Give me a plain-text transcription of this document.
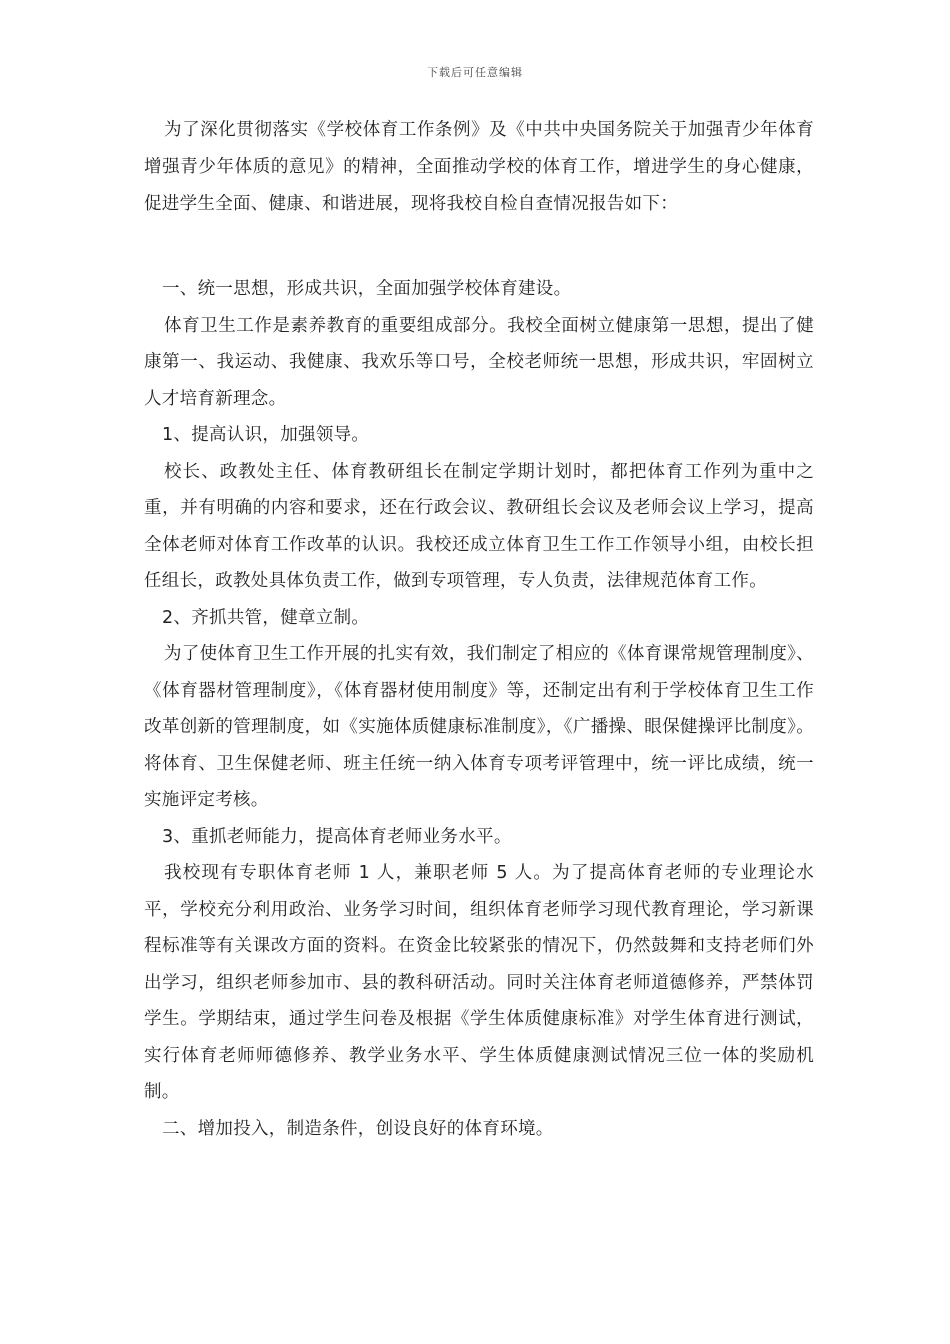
下载后可任意编辑

为了深化贯彻落实《学校体育工作条例》及《中共中央国务院关于加强青少年体育增强青少年体质的意见》的精神，全面推动学校的体育工作，增进学生的身心健康，促进学生全面、健康、和谐进展，现将我校自检自查情况报告如下：

一、统一思想，形成共识，全面加强学校体育建设。

体育卫生工作是素养教育的重要组成部分。我校全面树立健康第一思想，提出了健康第一、我运动、我健康、我欢乐等口号，全校老师统一思想，形成共识，牢固树立人才培育新理念。

1、提高认识，加强领导。

校长、政教处主任、体育教研组长在制定学期计划时，都把体育工作列为重中之重，并有明确的内容和要求，还在行政会议、教研组长会议及老师会议上学习，提高全体老师对体育工作改革的认识。我校还成立体育卫生工作工作领导小组，由校长担任组长，政教处具体负责工作，做到专项管理，专人负责，法律规范体育工作。

2、齐抓共管，健章立制。

为了使体育卫生工作开展的扎实有效，我们制定了相应的《体育课常规管理制度》、《体育器材管理制度》，《体育器材使用制度》等，还制定出有利于学校体育卫生工作改革创新的管理制度，如《实施体质健康标准制度》，《广播操、眼保健操评比制度》。将体育、卫生保健老师、班主任统一纳入体育专项考评管理中，统一评比成绩，统一实施评定考核。

3、重抓老师能力，提高体育老师业务水平。

我校现有专职体育老师 1 人，兼职老师 5 人。为了提高体育老师的专业理论水平，学校充分利用政治、业务学习时间，组织体育老师学习现代教育理论，学习新课程标准等有关课改方面的资料。在资金比较紧张的情况下，仍然鼓舞和支持老师们外出学习，组织老师参加市、县的教科研活动。同时关注体育老师道德修养，严禁体罚学生。学期结束，通过学生问卷及根据《学生体质健康标准》对学生体育进行测试，实行体育老师师德修养、教学业务水平、学生体质健康测试情况三位一体的奖励机制。

二、增加投入，制造条件，创设良好的体育环境。
